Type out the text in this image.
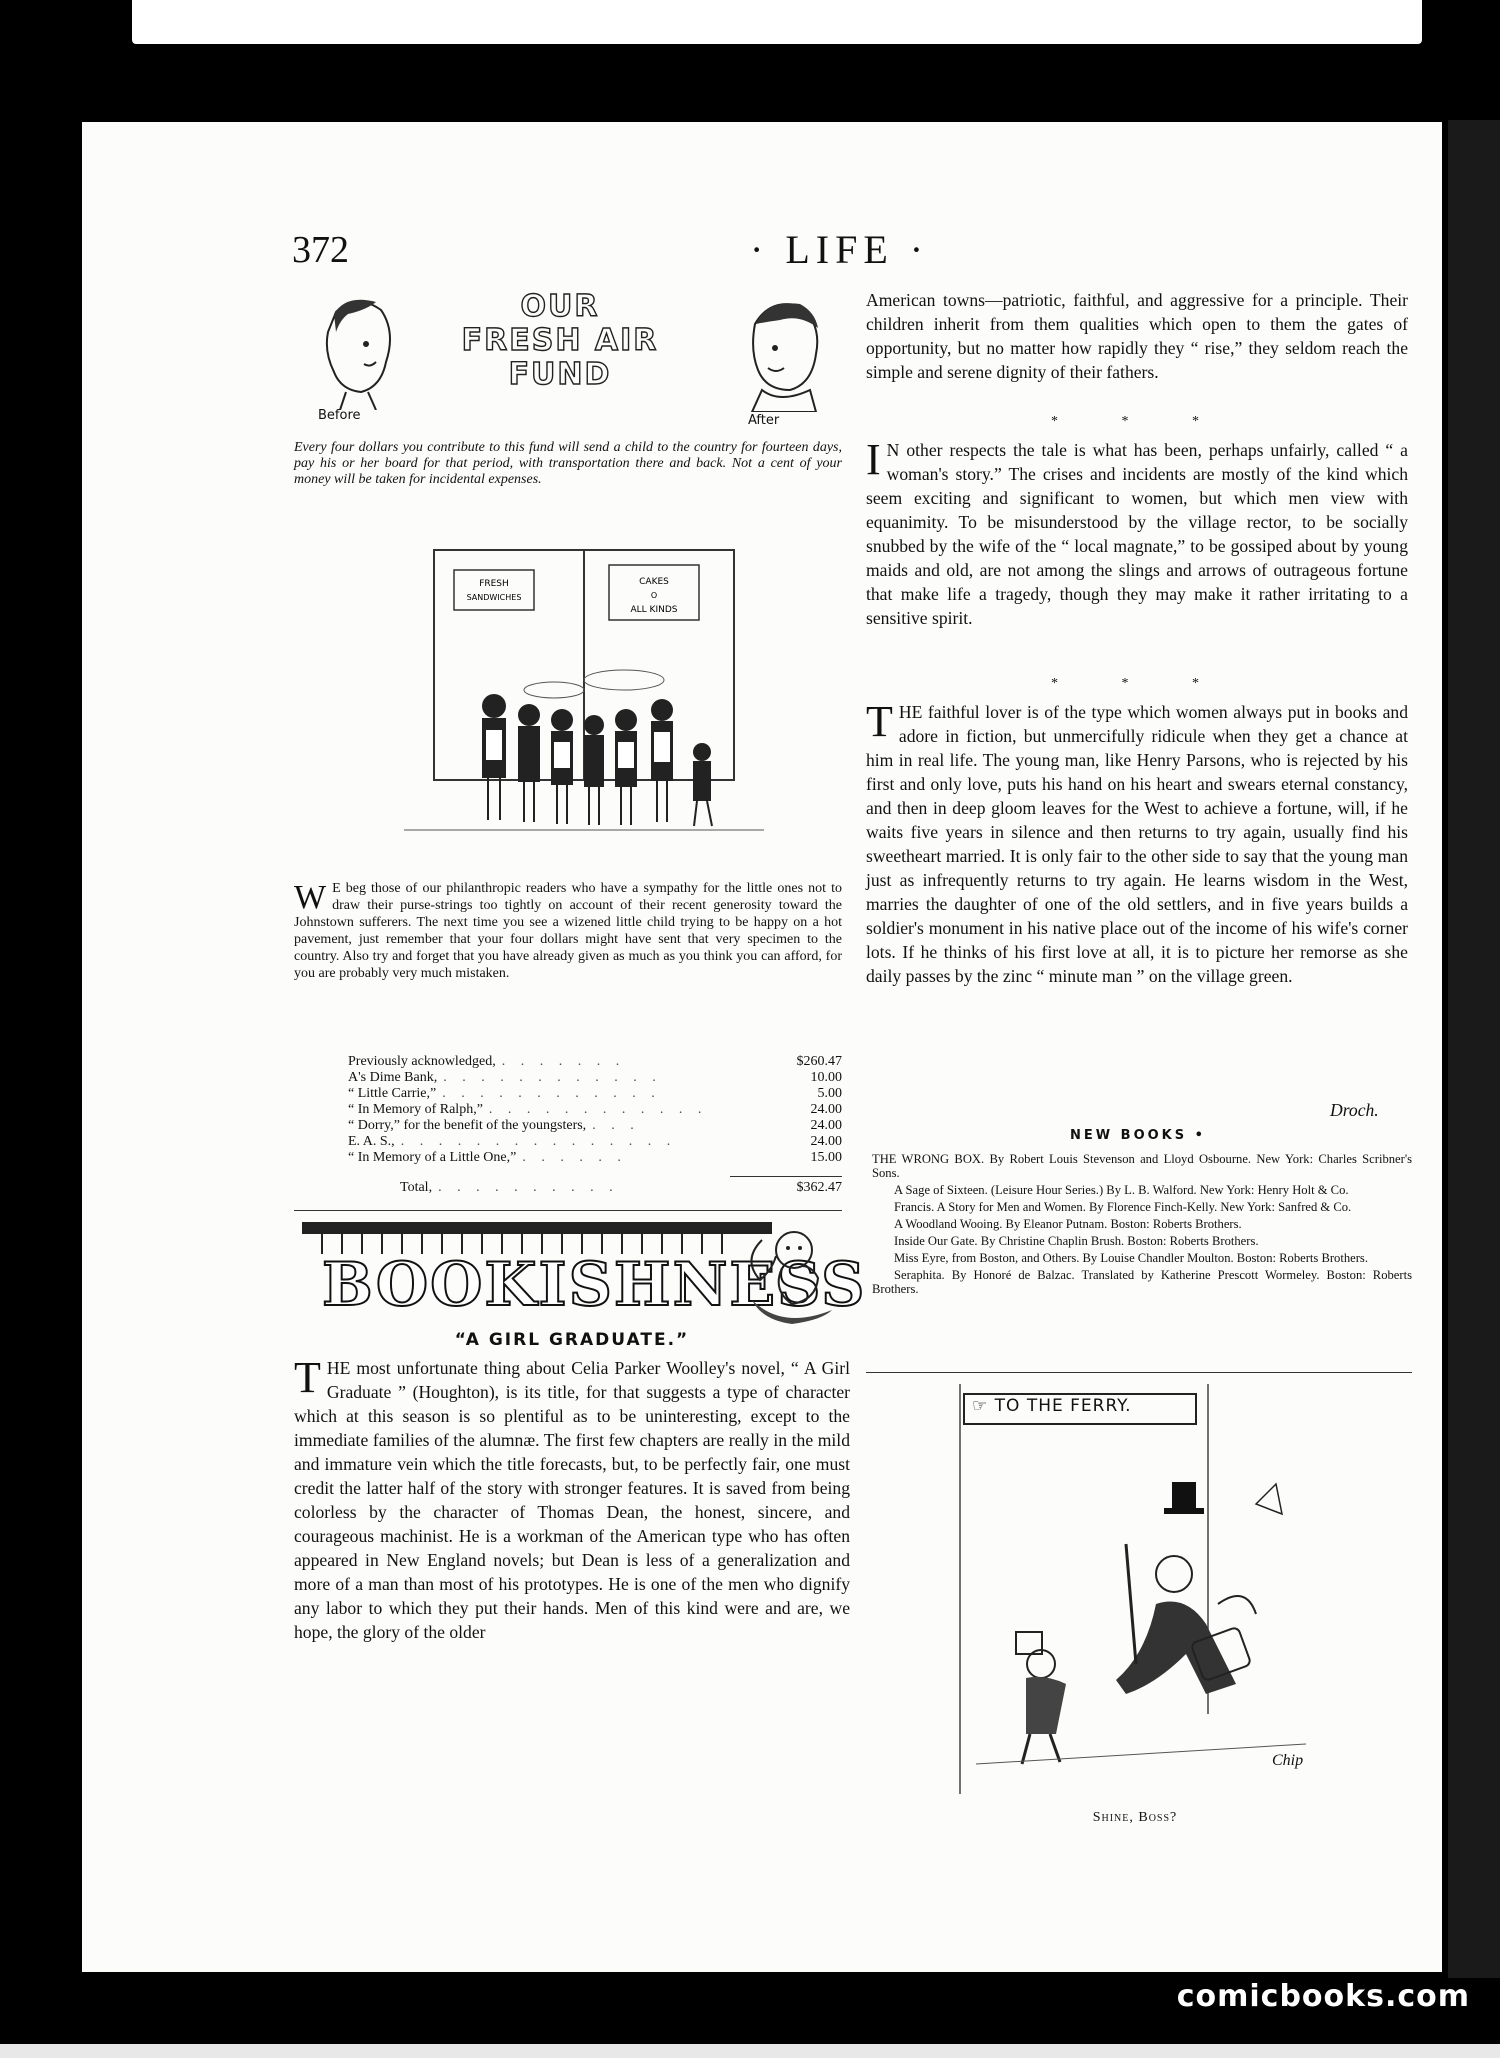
372	· LIFE ·
OUR
FRESH AIR
FUND
Before	After
Every four dollars you contribute to this fund will send a child to the country for fourteen days, pay his or her board for that period, with transportation there and back. Not a cent of your money will be taken for incidental expenses.
FRESH
SANDWICHES
CAKES
O
ALL KINDS
W E beg those of our philanthropic readers who have a sympathy for the little ones not to draw their purse-strings too tightly on account of their recent generosity toward the Johnstown sufferers. The next time you see a wizened little child trying to be happy on a hot pavement, just remember that your four dollars might have sent that very specimen to the country. Also try and forget that you have already given as much as you think you can afford, for you are probably very much mistaken.
Previously acknowledged, . . . . . . .	$260.47
A's Dime Bank, . . . . . . . . . . . .	10.00
“ Little Carrie,” . . . . . . . . . . . .	5.00
“ In Memory of Ralph,” . . . . . . . . . . . .	24.00
“ Dorry,” for the benefit of the youngsters, . . .	24.00
E. A. S., . . . . . . . . . . . . . . .	24.00
“ In Memory of a Little One,” . . . . . .	15.00
Total, . . . . . . . . . .	$362.47
BOOKISHNESS
“A GIRL GRADUATE.”
T HE most unfortunate thing about Celia Parker Woolley's novel, “ A Girl Graduate ” (Houghton), is its title, for that suggests a type of character which at this season is so plentiful as to be uninteresting, except to the immediate families of the alumnæ. The first few chapters are really in the mild and immature vein which the title forecasts, but, to be perfectly fair, one must credit the latter half of the story with stronger features. It is saved from being colorless by the character of Thomas Dean, the honest, sincere, and courageous machinist. He is a workman of the American type who has often appeared in New England novels; but Dean is less of a generalization and more of a man than most of his prototypes. He is one of the men who dignify any labor to which they put their hands. Men of this kind were and are, we hope, the glory of the older

American towns—patriotic, faithful, and aggressive for a principle. Their children inherit from them qualities which open to them the gates of opportunity, but no matter how rapidly they “ rise,” they seldom reach the simple and serene dignity of their fathers.

* * *
I N other respects the tale is what has been, perhaps unfairly, called “ a woman's story.” The crises and incidents are mostly of the kind which seem exciting and significant to women, but which men view with equanimity. To be misunderstood by the village rector, to be socially snubbed by the wife of the “ local magnate,” to be gossiped about by young maids and old, are not among the slings and arrows of outrageous fortune that make life a tragedy, though they may make it rather irritating to a sensitive spirit.
* * *
T HE faithful lover is of the type which women always put in books and adore in fiction, but unmercifully ridicule when they get a chance at him in real life. The young man, like Henry Parsons, who is rejected by his first and only love, puts his hand on his heart and swears eternal constancy, and then in deep gloom leaves for the West to achieve a fortune, will, if he waits five years in silence and then returns to try again, usually find his sweetheart married. It is only fair to the other side to say that the young man just as infrequently returns to try again. He learns wisdom in the West, marries the daughter of one of the old settlers, and in five years builds a soldier's monument in his native place out of the income of his wife's corner lots. If he thinks of his first love at all, it is to picture her remorse as she daily passes by the zinc “ minute man ” on the village green.
Droch.
NEW BOOKS •

THE WRONG BOX. By Robert Louis Stevenson and Lloyd Osbourne. New York: Charles Scribner's Sons.

A Sage of Sixteen. (Leisure Hour Series.) By L. B. Walford. New York: Henry Holt & Co.

Francis. A Story for Men and Women. By Florence Finch-Kelly. New York: Sanfred & Co.

A Woodland Wooing. By Eleanor Putnam. Boston: Roberts Brothers.

Inside Our Gate. By Christine Chaplin Brush. Boston: Roberts Brothers.

Miss Eyre, from Boston, and Others. By Louise Chandler Moulton. Boston: Roberts Brothers.

Seraphita. By Honoré de Balzac. Translated by Katherine Prescott Wormeley. Boston: Roberts Brothers.

☞ TO THE FERRY.
Chip
Shine, Boss?
comicbooks.com
